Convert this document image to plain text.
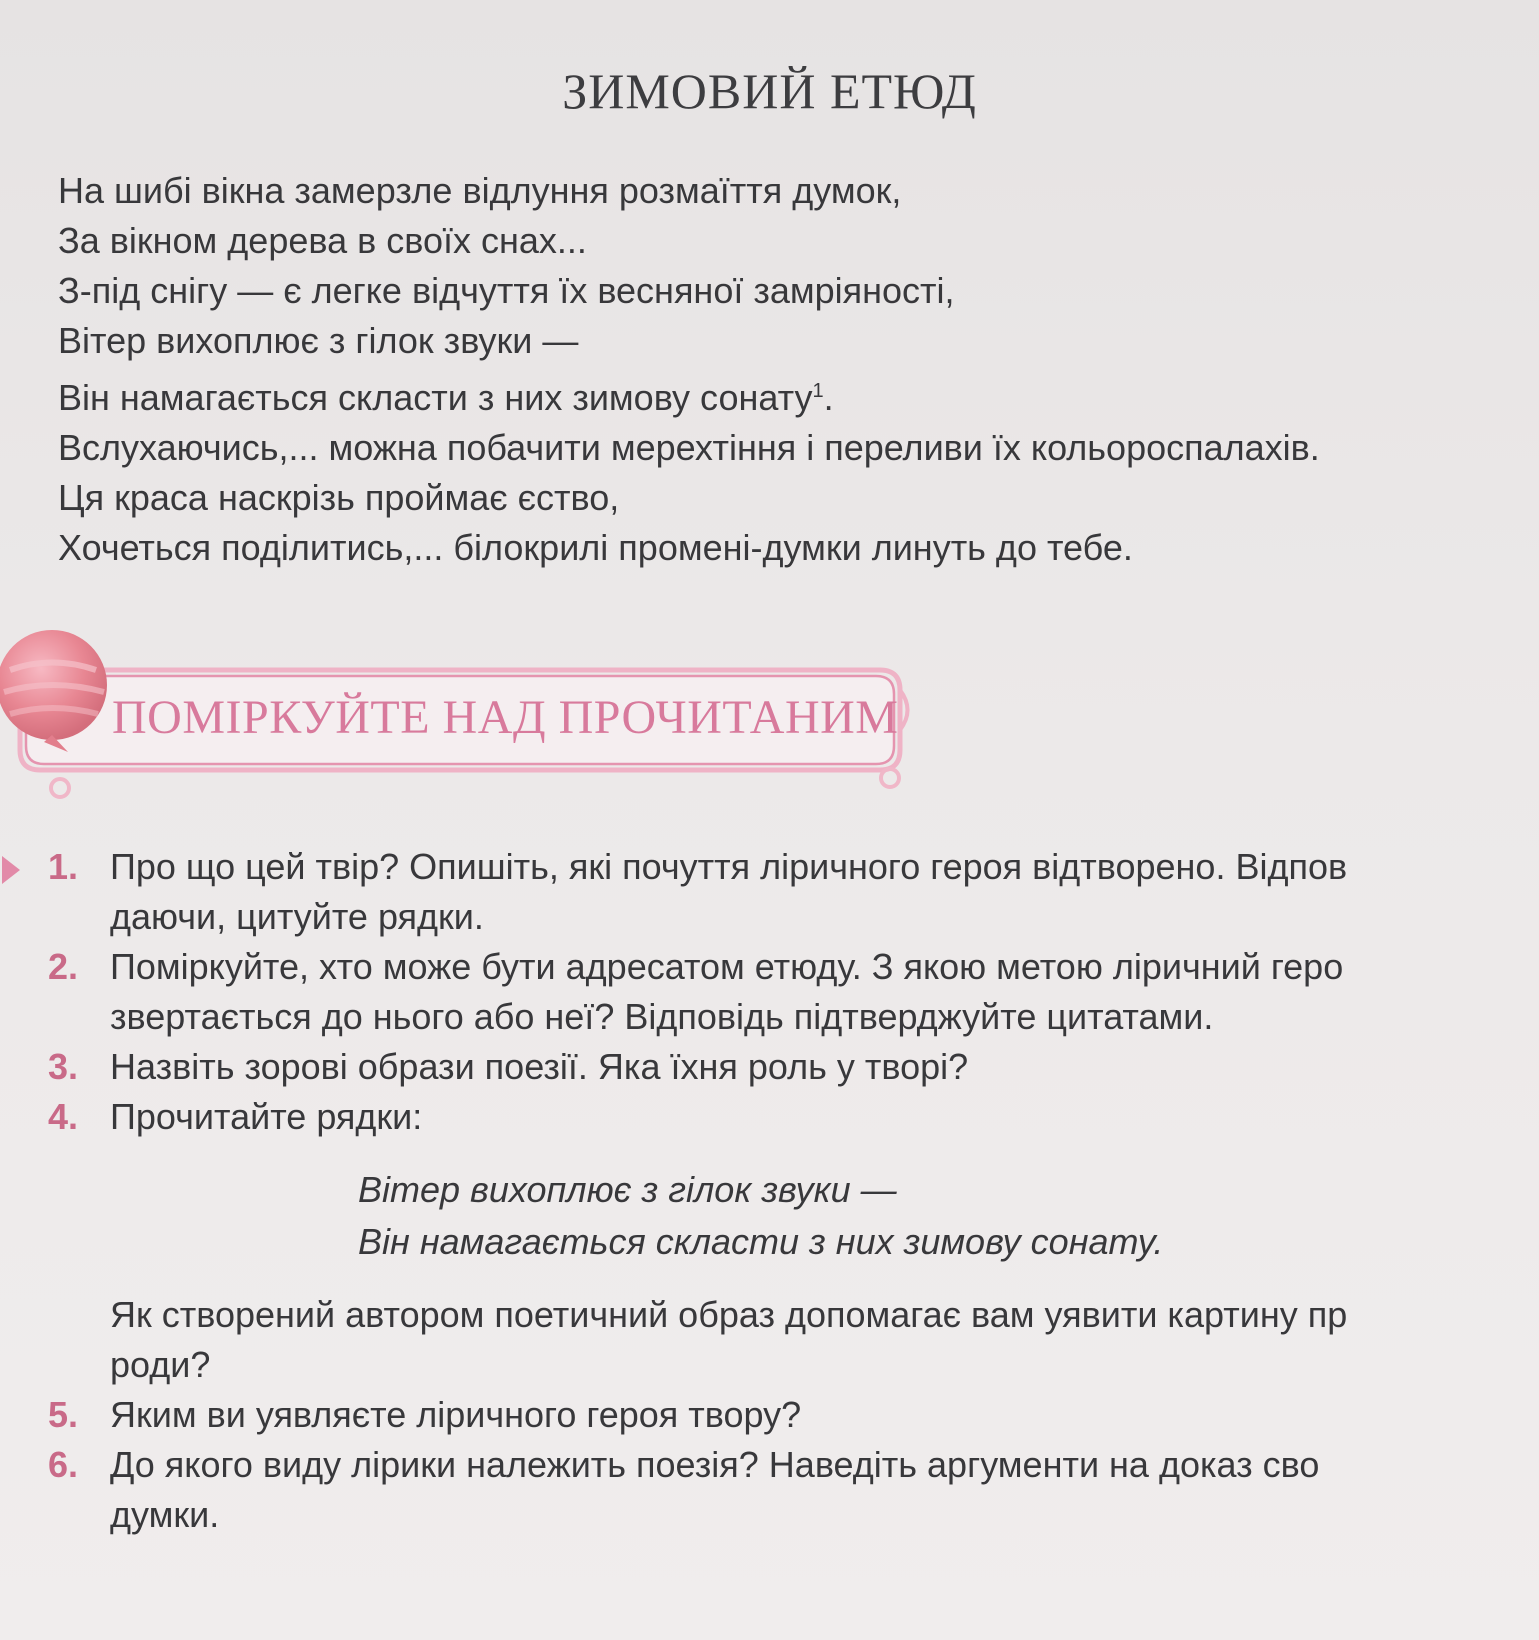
ЗИМОВИЙ ЕТЮД
На шибі вікна замерзле відлуння розмаїття думок,
За вікном дерева в своїх снах...
З-під снігу — є легке відчуття їх весняної замріяності,
Вітер вихоплює з гілок звуки —
Він намагається скласти з них зимову сонату$^1$.
Вслухаючись,... можна побачити мерехтіння і переливи їх кольороспалахів.
Ця краса наскрізь проймає єство,
Хочеться поділитись,... білокрилі промені-думки линуть до тебе.
ПОМІРКУЙТЕ НАД ПРОЧИТАНИМ
1. Про що цей твір? Опишіть, які почуття ліричного героя відтворено. Відпов
даючи, цитуйте рядки.
2. Поміркуйте, хто може бути адресатом етюду. З якою метою ліричний геро
звертається до нього або неї? Відповідь підтверджуйте цитатами.
3. Назвіть зорові образи поезії. Яка їхня роль у творі?
4. Прочитайте рядки:
Вітер вихоплює з гілок звуки —
Він намагається скласти з них зимову сонату.
Як створений автором поетичний образ допомагає вам уявити картину пр
роди?
5. Яким ви уявляєте ліричного героя твору?
6. До якого виду лірики належить поезія? Наведіть аргументи на доказ сво
думки.
